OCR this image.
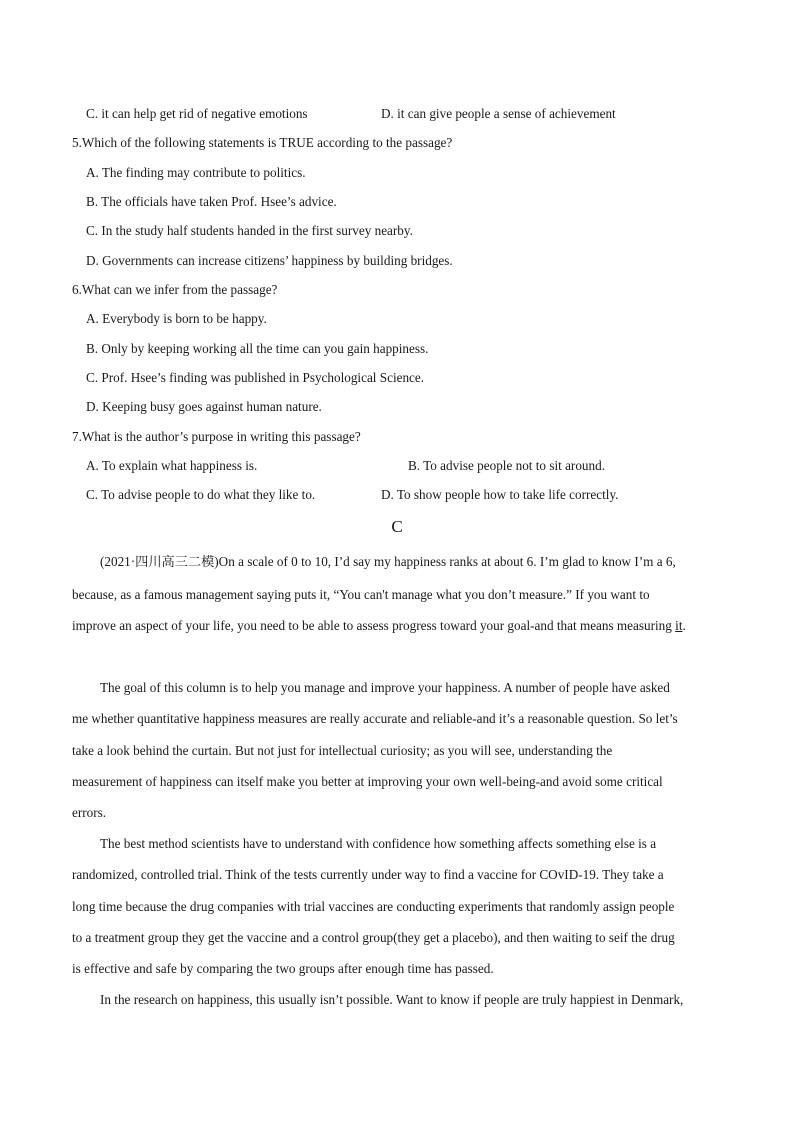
C. it can help get rid of negative emotions	D. it can give people a sense of achievement
5.Which of the following statements is TRUE according to the passage?
A. The finding may contribute to politics.
B. The officials have taken Prof. Hsee’s advice.
C. In the study half students handed in the first survey nearby.
D. Governments can increase citizens’ happiness by building bridges.
6.What can we infer from the passage?
A. Everybody is born to be happy.
B. Only by keeping working all the time can you gain happiness.
C. Prof. Hsee’s finding was published in Psychological Science.
D. Keeping busy goes against human nature.
7.What is the author’s purpose in writing this passage?
A. To explain what happiness is.	B. To advise people not to sit around.
C. To advise people to do what they like to.	D. To show people how to take life correctly.
C
(2021·四川高三二模)On a scale of 0 to 10, I’d say my happiness ranks at about 6. I’m glad to know I’m a 6,
because, as a famous management saying puts it, “You can't manage what you don’t measure.” If you want to
improve an aspect of your life, you need to be able to assess progress toward your goal-and that means measuring it.
The goal of this column is to help you manage and improve your happiness. A number of people have asked
me whether quantitative happiness measures are really accurate and reliable-and it’s a reasonable question. So let’s
take a look behind the curtain. But not just for intellectual curiosity; as you will see, understanding the
measurement of happiness can itself make you better at improving your own well-being-and avoid some critical
errors.
The best method scientists have to understand with confidence how something affects something else is a
randomized, controlled trial. Think of the tests currently under way to find a vaccine for COvID-19. They take a
long time because the drug companies with trial vaccines are conducting experiments that randomly assign people
to a treatment group they get the vaccine and a control group(they get a placebo), and then waiting to seif the drug
is effective and safe by comparing the two groups after enough time has passed.
In the research on happiness, this usually isn’t possible. Want to know if people are truly happiest in Denmark,
